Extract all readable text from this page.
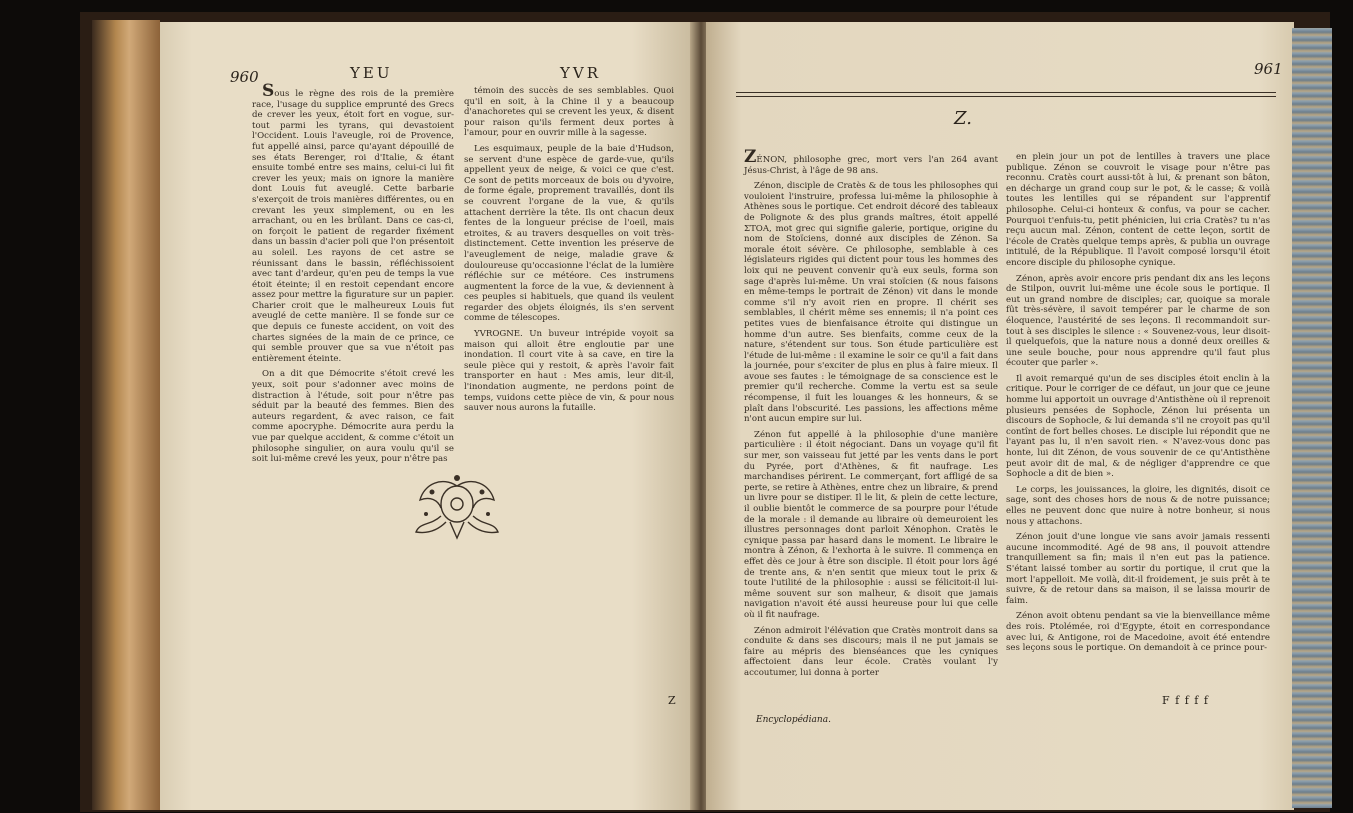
960	YEU	YVR

Sous le règne des rois de la première race, l'usage du supplice emprunté des Grecs de crever les yeux, étoit fort en vogue, sur-tout parmi les tyrans, qui devastoient l'Occident. Louis l'aveugle, roi de Provence, fut appellé ainsi, parce qu'ayant dépouillé de ses états Berenger, roi d'Italie, & étant ensuite tombé entre ses mains, celui-ci lui fit crever les yeux; mais on ignore la manière dont Louis fut aveuglé. Cette barbarie s'exerçoit de trois manières différentes, ou en crevant les yeux simplement, ou en les arrachant, ou en les brûlant. Dans ce cas-ci, on forçoit le patient de regarder fixément dans un bassin d'acier poli que l'on présentoit au soleil. Les rayons de cet astre se réunissant dans le bassin, réfléchissoient avec tant d'ardeur, qu'en peu de temps la vue étoit éteinte; il en restoit cependant encore assez pour mettre la figurature sur un papier. Charier croit que le malheureux Louis fut aveuglé de cette manière. Il se fonde sur ce que depuis ce funeste accident, on voit des chartes signées de la main de ce prince, ce qui semble prouver que sa vue n'étoit pas entièrement éteinte.

On a dit que Démocrite s'étoit crevé les yeux, soit pour s'adonner avec moins de distraction à l'étude, soit pour n'être pas séduit par la beauté des femmes. Bien des auteurs regardent, & avec raison, ce fait comme apocryphe. Démocrite aura perdu la vue par quelque accident, & comme c'étoit un philosophe singulier, on aura voulu qu'il se soit lui-même crevé les yeux, pour n'être pas

témoin des succès de ses semblables. Quoi qu'il en soit, à la Chine il y a beaucoup d'anachoretes qui se crevent les yeux, & disent pour raison qu'ils ferment deux portes à l'amour, pour en ouvrir mille à la sagesse.

Les esquimaux, peuple de la baie d'Hudson, se servent d'une espèce de garde-vue, qu'ils appellent yeux de neige, & voici ce que c'est. Ce sont de petits morceaux de bois ou d'yvoire, de forme égale, proprement travaillés, dont ils se couvrent l'organe de la vue, & qu'ils attachent derrière la tête. Ils ont chacun deux fentes de la longueur précise de l'oeil, mais etroites, & au travers desquelles on voit très-distinctement. Cette invention les préserve de l'aveuglement de neige, maladie grave & douloureuse qu'occasionne l'éclat de la lumière réfléchie sur ce météore. Ces instrumens augmentent la force de la vue, & deviennent à ces peuples si habituels, que quand ils veulent regarder des objets éloignés, ils s'en servent comme de télescopes.

YVROGNE. Un buveur intrépide voyoit sa maison qui alloit être engloutie par une inondation. Il court vite à sa cave, en tire la seule pièce qui y restoit, & après l'avoir fait transporter en haut : Mes amis, leur dit-il, l'inondation augmente, ne perdons point de temps, vuidons cette pièce de vin, & pour nous sauver nous aurons la futaille.

Z
961
Z.

ZÉNON, philosophe grec, mort vers l'an 264 avant Jésus-Christ, à l'âge de 98 ans.

Zénon, disciple de Cratès & de tous les philosophes qui vouloient l'instruire, professa lui-même la philosophie à Athènes sous le portique. Cet endroit décoré des tableaux de Polignote & des plus grands maîtres, étoit appellé ΣΤΟΑ, mot grec qui signifie galerie, portique, origine du nom de Stoïciens, donné aux disciples de Zénon. Sa morale étoit sévère. Ce philosophe, semblable à ces législateurs rigides qui dictent pour tous les hommes des loix qui ne peuvent convenir qu'à eux seuls, forma son sage d'après lui-même. Un vrai stoïcien (& nous faisons en même-temps le portrait de Zénon) vit dans le monde comme s'il n'y avoit rien en propre. Il chérit ses semblables, il chérit même ses ennemis; il n'a point ces petites vues de bienfaisance étroite qui distingue un homme d'un autre. Ses bienfaits, comme ceux de la nature, s'étendent sur tous. Son étude particulière est l'étude de lui-même : il examine le soir ce qu'il a fait dans la journée, pour s'exciter de plus en plus à faire mieux. Il avoue ses fautes : le témoignage de sa conscience est le premier qu'il recherche. Comme la vertu est sa seule récompense, il fuit les louanges & les honneurs, & se plaît dans l'obscurité. Les passions, les affections même n'ont aucun empire sur lui.

Zénon fut appellé à la philosophie d'une manière particulière : il étoit négociant. Dans un voyage qu'il fit sur mer, son vaisseau fut jetté par les vents dans le port du Pyrée, port d'Athènes, & fit naufrage. Les marchandises périrent. Le commerçant, fort affligé de sa perte, se retire à Athènes, entre chez un libraire, & prend un livre pour se distiper. Il le lit, & plein de cette lecture, il oublie bientôt le commerce de sa pourpre pour l'étude de la morale : il demande au libraire où demeuroient les illustres personnages dont parloit Xénophon. Cratès le cynique passa par hasard dans le moment. Le libraire le montra à Zénon, & l'exhorta à le suivre. Il commença en effet dès ce jour à être son disciple. Il étoit pour lors âgé de trente ans, & n'en sentit que mieux tout le prix & toute l'utilité de la philosophie : aussi se félicitoit-il lui-même souvent sur son malheur, & disoit que jamais navigation n'avoit été aussi heureuse pour lui que celle où il fit naufrage.

Zénon admiroit l'élévation que Cratès montroit dans sa conduite & dans ses discours; mais il ne put jamais se faire au mépris des bienséances que les cyniques affectoient dans leur école. Cratès voulant l'y accoutumer, lui donna à porter

Encyclopédiana.

en plein jour un pot de lentilles à travers une place publique. Zénon se couvroit le visage pour n'être pas reconnu. Cratès court aussi-tôt à lui, & prenant son bâton, en décharge un grand coup sur le pot, & le casse; & voilà toutes les lentilles qui se répandent sur l'apprentif philosophe. Celui-ci honteux & confus, va pour se cacher. Pourquoi t'enfuis-tu, petit phénicien, lui cria Cratès? tu n'as reçu aucun mal. Zénon, content de cette leçon, sortit de l'école de Cratès quelque temps après, & publia un ouvrage intitulé, de la République. Il l'avoit composé lorsqu'il étoit encore disciple du philosophe cynique.

Zénon, après avoir encore pris pendant dix ans les leçons de Stilpon, ouvrit lui-même une école sous le portique. Il eut un grand nombre de disciples; car, quoique sa morale fût très-sévère, il savoit tempérer par le charme de son éloquence, l'austérité de ses leçons. Il recommandoit sur-tout à ses disciples le silence : « Souvenez-vous, leur disoit-il quelquefois, que la nature nous a donné deux oreilles & une seule bouche, pour nous apprendre qu'il faut plus écouter que parler ».

Il avoit remarqué qu'un de ses disciples étoit enclin à la critique. Pour le corriger de ce défaut, un jour que ce jeune homme lui apportoit un ouvrage d'Antisthène où il reprenoit plusieurs pensées de Sophocle, Zénon lui présenta un discours de Sophocle, & lui demanda s'il ne croyoit pas qu'il contînt de fort belles choses. Le disciple lui répondit que ne l'ayant pas lu, il n'en savoit rien. « N'avez-vous donc pas honte, lui dit Zénon, de vous souvenir de ce qu'Antisthène peut avoir dit de mal, & de négliger d'apprendre ce que Sophocle a dit de bien ».

Le corps, les jouissances, la gloire, les dignités, disoit ce sage, sont des choses hors de nous & de notre puissance; elles ne peuvent donc que nuire à notre bonheur, si nous nous y attachons.

Zénon jouit d'une longue vie sans avoir jamais ressenti aucune incommodité. Agé de 98 ans, il pouvoit attendre tranquillement sa fin; mais il n'en eut pas la patience. S'étant laissé tomber au sortir du portique, il crut que la mort l'appelloit. Me voilà, dit-il froidement, je suis prêt à te suivre, & de retour dans sa maison, il se laissa mourir de faim.

Zénon avoit obtenu pendant sa vie la bienveillance même des rois. Ptolémée, roi d'Egypte, étoit en correspondance avec lui, & Antigone, roi de Macedoine, avoit été entendre ses leçons sous le portique. On demandoit à ce prince pour-

F f f f f
